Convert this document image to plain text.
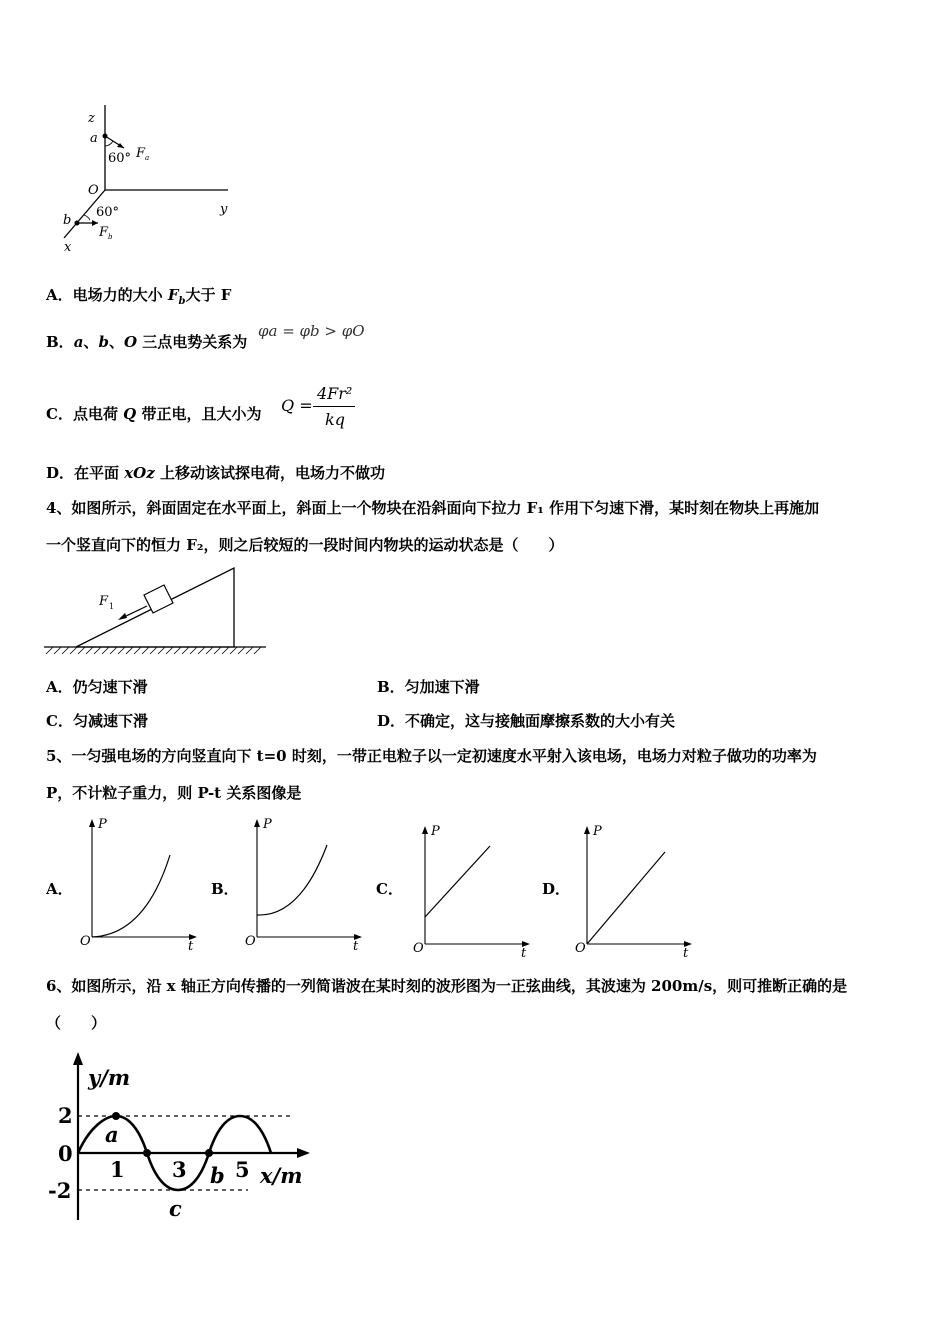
z
a
60° F a
O
y
b
60°
F b
x
A．电场力的大小 $F_b$大于 F
B．a、b、O 三点电势关系为
φa = φb > φO
C．点电荷 Q 带正电，且大小为 Q =
4Fr²
kq
D．在平面 xOz 上移动该试探电荷，电场力不做功
4、如图所示，斜面固定在水平面上，斜面上一个物块在沿斜面向下拉力 F₁ 作用下匀速下滑，某时刻在物块上再施加
一个竖直向下的恒力 F₂，则之后较短的一段时间内物块的运动状态是（　　）
F 1
A．仍匀速下滑	B．匀加速下滑
C．匀减速下滑	D．不确定，这与接触面摩擦系数的大小有关
5、一匀强电场的方向竖直向下 t=0 时刻，一带正电粒子以一定初速度水平射入该电场，电场力对粒子做功的功率为
P，不计粒子重力，则 P-t 关系图像是
A．
P
O	t
B．
P
O	t
C．
P
O	t
D．
P
O	t
6、如图所示，沿 x 轴正方向传播的一列简谐波在某时刻的波形图为一正弦曲线，其波速为 200m/s，则可推断正确的是
（　　）
y/m
2
0
-2
1 3 5 x/m
a
b
c
